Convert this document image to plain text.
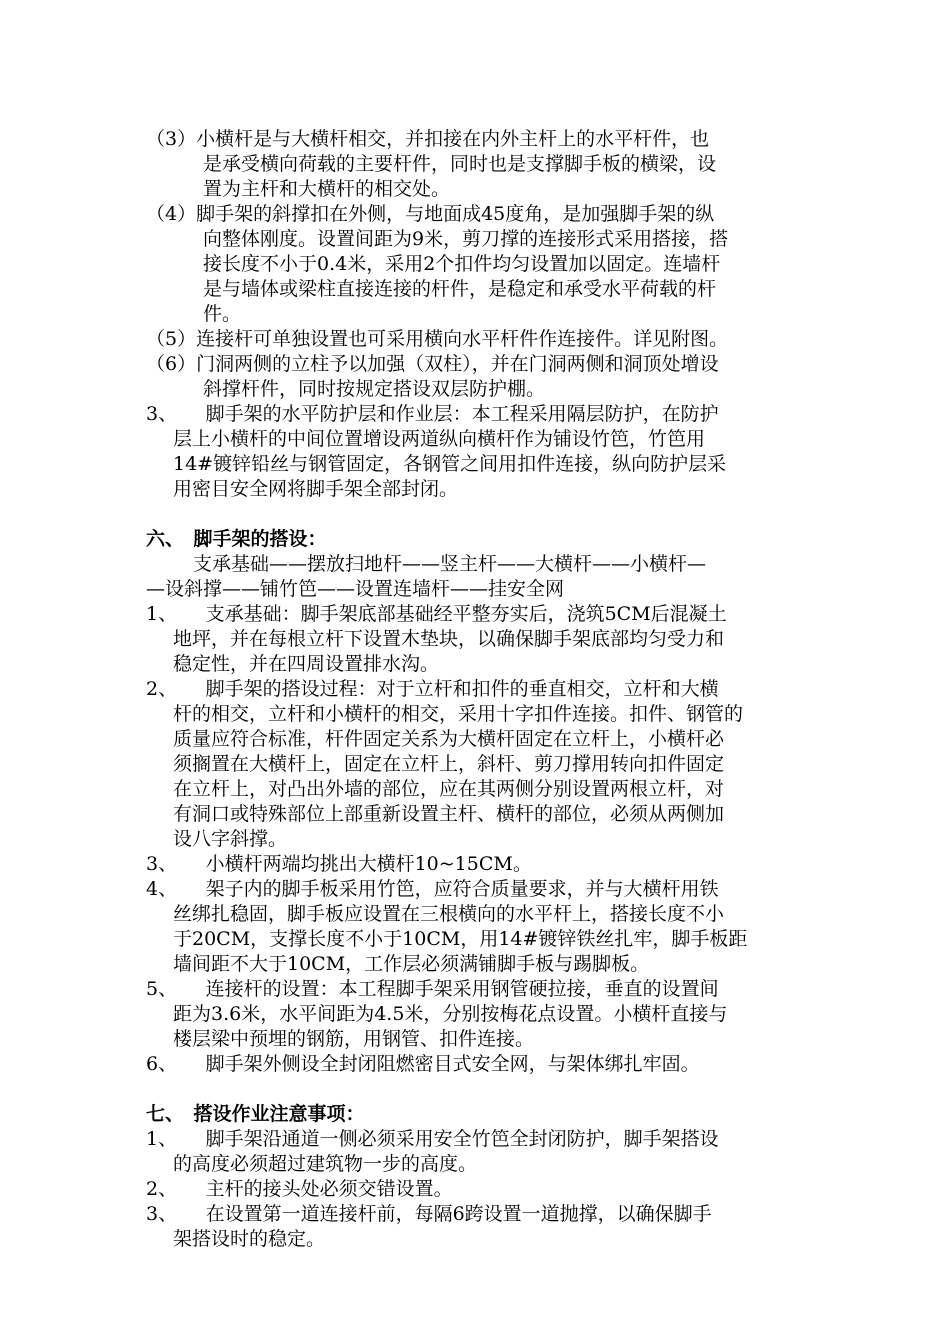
（3）小横杆是与大横杆相交，并扣接在内外主杆上的水平杆件，也
是承受横向荷载的主要杆件，同时也是支撑脚手板的横梁，设
置为主杆和大横杆的相交处。
（4）脚手架的斜撑扣在外侧，与地面成45度角，是加强脚手架的纵
向整体刚度。设置间距为9米，剪刀撑的连接形式采用搭接，搭
接长度不小于0.4米，采用2个扣件均匀设置加以固定。连墙杆
是与墙体或梁柱直接连接的杆件，是稳定和承受水平荷载的杆
件。
（5）连接杆可单独设置也可采用横向水平杆件作连接件。详见附图。
（6）门洞两侧的立柱予以加强（双柱），并在门洞两侧和洞顶处增设
斜撑杆件，同时按规定搭设双层防护棚。
3、　　脚手架的水平防护层和作业层：本工程采用隔层防护，在防护
层上小横杆的中间位置增设两道纵向横杆作为铺设竹笆，竹笆用
14#镀锌铅丝与钢管固定，各钢管之间用扣件连接，纵向防护层采
用密目安全网将脚手架全部封闭。
六、　脚手架的搭设：
支承基础——摆放扫地杆——竖主杆——大横杆——小横杆—
—设斜撑——铺竹笆——设置连墙杆——挂安全网
1、　　支承基础：脚手架底部基础经平整夯实后，浇筑5CM后混凝土
地坪，并在每根立杆下设置木垫块，以确保脚手架底部均匀受力和
稳定性，并在四周设置排水沟。
2、　　脚手架的搭设过程：对于立杆和扣件的垂直相交，立杆和大横
杆的相交，立杆和小横杆的相交，采用十字扣件连接。扣件、钢管的
质量应符合标准，杆件固定关系为大横杆固定在立杆上，小横杆必
须搁置在大横杆上，固定在立杆上，斜杆、剪刀撑用转向扣件固定
在立杆上，对凸出外墙的部位，应在其两侧分别设置两根立杆，对
有洞口或特殊部位上部重新设置主杆、横杆的部位，必须从两侧加
设八字斜撑。
3、　　小横杆两端均挑出大横杆10~15CM。
4、　　架子内的脚手板采用竹笆，应符合质量要求，并与大横杆用铁
丝绑扎稳固，脚手板应设置在三根横向的水平杆上，搭接长度不小
于20CM，支撑长度不小于10CM，用14#镀锌铁丝扎牢，脚手板距
墙间距不大于10CM，工作层必须满铺脚手板与踢脚板。
5、　　连接杆的设置：本工程脚手架采用钢管硬拉接，垂直的设置间
距为3.6米，水平间距为4.5米，分别按梅花点设置。小横杆直接与
楼层梁中预埋的钢筋，用钢管、扣件连接。
6、　　脚手架外侧设全封闭阻燃密目式安全网，与架体绑扎牢固。
七、　搭设作业注意事项：
1、　　脚手架沿通道一侧必须采用安全竹笆全封闭防护，脚手架搭设
的高度必须超过建筑物一步的高度。
2、　　主杆的接头处必须交错设置。
3、　　在设置第一道连接杆前，每隔6跨设置一道抛撑，以确保脚手
架搭设时的稳定。
